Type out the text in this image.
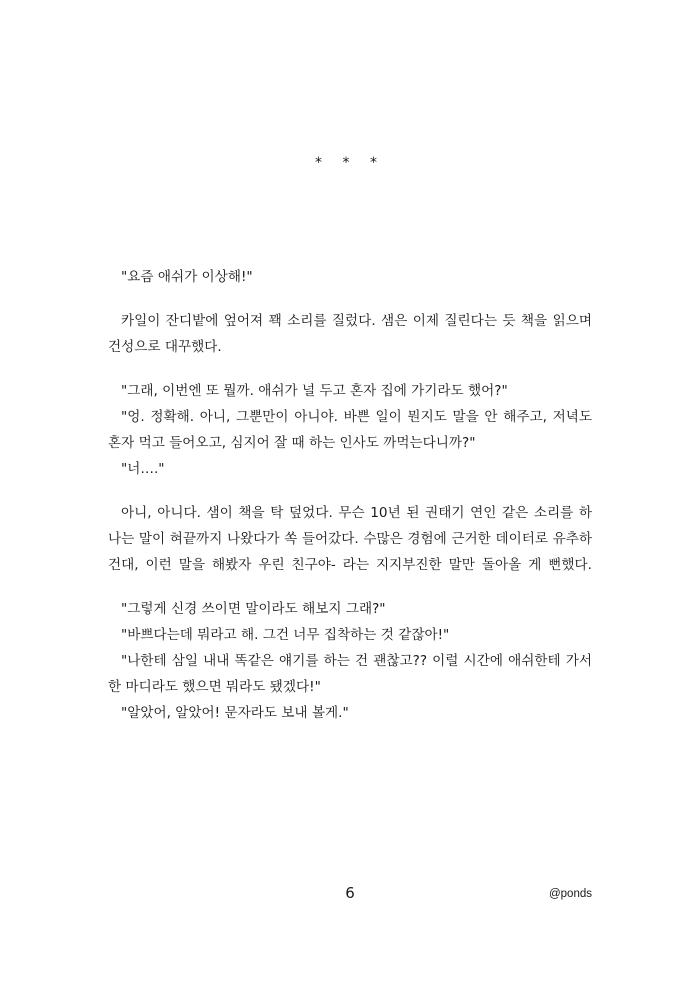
* * *
"요즘 애쉬가 이상해!"
카일이 잔디밭에 엎어져 꽥 소리를 질렀다. 샘은 이제 질린다는 듯 책을 읽으며
건성으로 대꾸했다.
"그래, 이번엔 또 뭘까. 애쉬가 널 두고 혼자 집에 가기라도 했어?"
"엉. 정확해. 아니, 그뿐만이 아니야. 바쁜 일이 뭔지도 말을 안 해주고, 저녁도
혼자 먹고 들어오고, 심지어 잘 때 하는 인사도 까먹는다니까?"
"너…."
아니, 아니다. 샘이 책을 탁 덮었다. 무슨 10년 된 권태기 연인 같은 소리를 하
나는 말이 혀끝까지 나왔다가 쏙 들어갔다. 수많은 경험에 근거한 데이터로 유추하
건대, 이런 말을 해봤자 우린 친구야- 라는 지지부진한 말만 돌아올 게 뻔했다.
"그렇게 신경 쓰이면 말이라도 해보지 그래?"
"바쁘다는데 뭐라고 해. 그건 너무 집착하는 것 같잖아!"
"나한테 삼일 내내 똑같은 얘기를 하는 건 괜찮고?? 이럴 시간에 애쉬한테 가서
한 마디라도 했으면 뭐라도 됐겠다!"
"알았어, 알았어! 문자라도 보내 볼게."
6	@ponds
